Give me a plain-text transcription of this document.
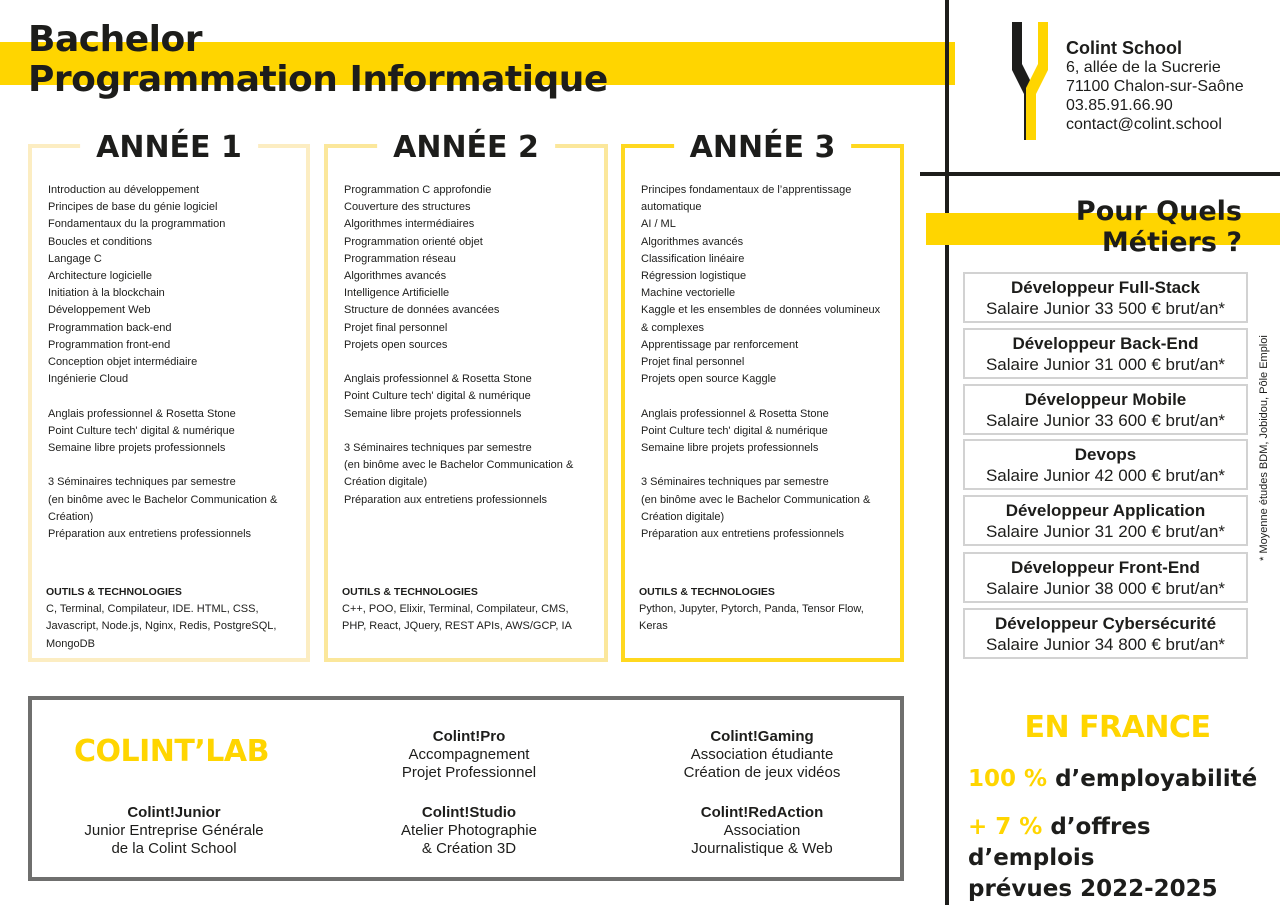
Bachelor
Programmation Informatique
ANNÉE 1
Introduction au développement
Principes de base du génie logiciel
Fondamentaux du la programmation
Boucles et conditions
Langage C
Architecture logicielle
Initiation à la blockchain
Développement Web
Programmation back-end
Programmation front-end
Conception objet intermédiaire
Ingénierie Cloud
Anglais professionnel & Rosetta Stone
Point Culture tech' digital & numérique
Semaine libre projets professionnels
3 Séminaires techniques par semestre
(en binôme avec le Bachelor Communication &
Création)
Préparation aux entretiens professionnels
OUTILS & TECHNOLOGIES
C, Terminal, Compilateur, IDE. HTML, CSS, Javascript, Node.js, Nginx, Redis, PostgreSQL, MongoDB
ANNÉE 2
Programmation C approfondie
Couverture des structures
Algorithmes intermédiaires
Programmation orienté objet
Programmation réseau
Algorithmes avancés
Intelligence Artificielle
Structure de données avancées
Projet final personnel
Projets open sources
Anglais professionnel & Rosetta Stone
Point Culture tech' digital & numérique
Semaine libre projets professionnels
3 Séminaires techniques par semestre
(en binôme avec le Bachelor Communication &
Création digitale)
Préparation aux entretiens professionnels
OUTILS & TECHNOLOGIES
C++, POO, Elixir, Terminal, Compilateur, CMS, PHP, React, JQuery, REST APIs, AWS/GCP, IA
ANNÉE 3
Principes fondamentaux de l’apprentissage
automatique
AI / ML
Algorithmes avancés
Classification linéaire
Régression logistique
Machine vectorielle
Kaggle et les ensembles de données volumineux
& complexes
Apprentissage par renforcement
Projet final personnel
Projets open source Kaggle
Anglais professionnel & Rosetta Stone
Point Culture tech' digital & numérique
Semaine libre projets professionnels
3 Séminaires techniques par semestre
(en binôme avec le Bachelor Communication &
Création digitale)
Préparation aux entretiens professionnels
OUTILS & TECHNOLOGIES
Python, Jupyter, Pytorch, Panda, Tensor Flow, Keras
COLINT’LAB	Colint!Pro
Accompagnement
Projet Professionnel
Colint!Gaming
Association étudiante
Création de jeux vidéos
Colint!Junior
Junior Entreprise Générale
de la Colint School
Colint!Studio
Atelier Photographie
& Création 3D
Colint!RedAction
Association
Journalistique & Web
Colint School
6, allée de la Sucrerie
71100 Chalon-sur-Saône
03.85.91.66.90
contact@colint.school
Pour Quels
Métiers ?
Développeur Full-Stack
Salaire Junior 33 500 € brut/an*
Développeur Back-End
Salaire Junior 31 000 € brut/an*
Développeur Mobile
Salaire Junior 33 600 € brut/an*
Devops
Salaire Junior 42 000 € brut/an*
Développeur Application
Salaire Junior 31 200 € brut/an*
Développeur Front-End
Salaire Junior 38 000 € brut/an*
Développeur Cybersécurité
Salaire Junior 34 800 € brut/an*
* Moyenne études BDM, Jobidou, Pôle Emploi
EN FRANCE
100 % d’employabilité
+ 7 % d’offres d’emplois
prévues 2022-2025
